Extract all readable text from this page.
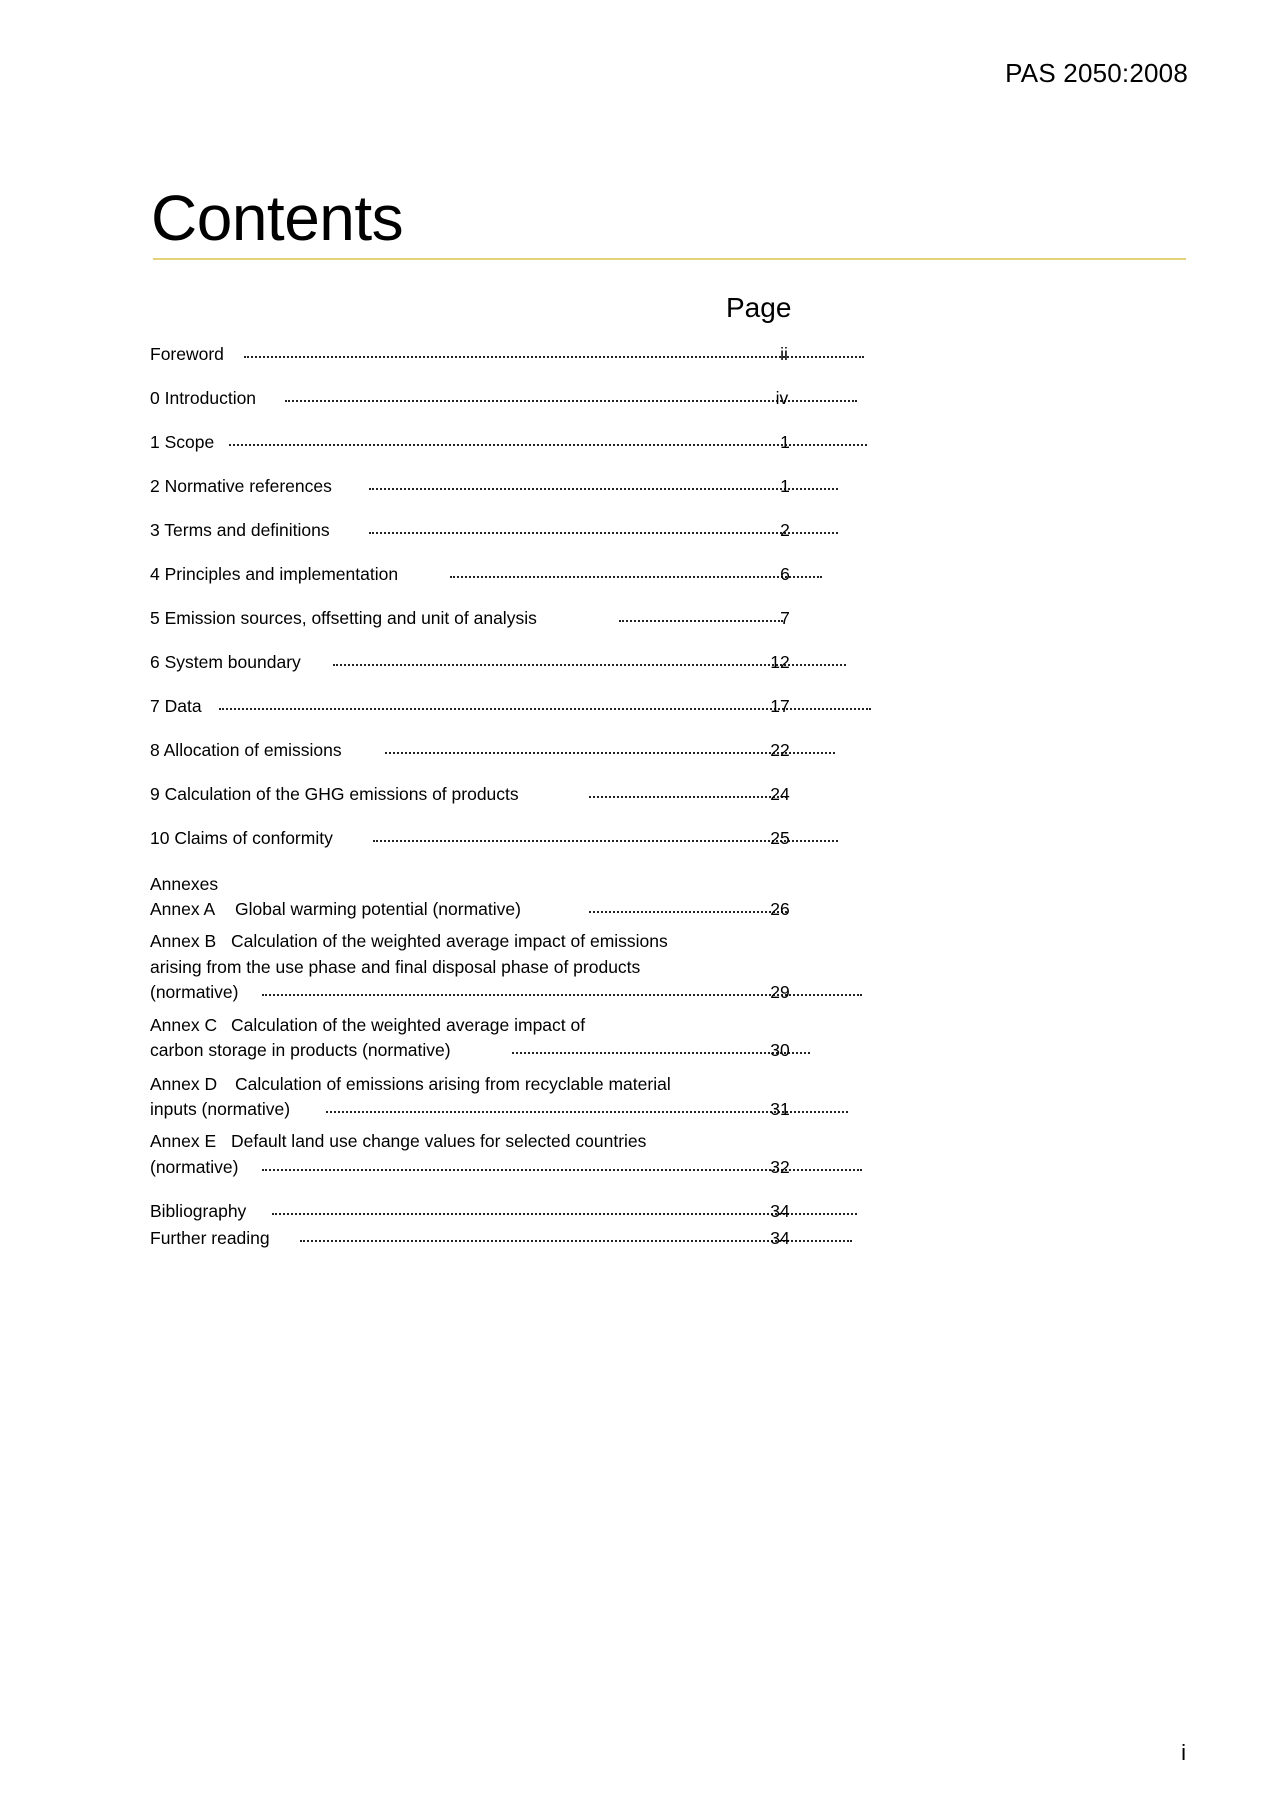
PAS 2050:2008
Contents
Page
Foreword	ii
0 Introduction	iv
1 Scope	1
2 Normative references	1
3 Terms and definitions	2
4 Principles and implementation	6
5 Emission sources, offsetting and unit of analysis	7
6 System boundary	12
7 Data	17
8 Allocation of emissions	22
9 Calculation of the GHG emissions of products	24
10 Claims of conformity	25
Annexes
Annex A Global warming potential (normative)	26
Annex B Calculation of the weighted average impact of emissions
arising from the use phase and final disposal phase of products
(normative)	29
Annex C Calculation of the weighted average impact of
carbon storage in products (normative)	30
Annex D Calculation of emissions arising from recyclable material
inputs (normative)	31
Annex E Default land use change values for selected countries
(normative)	32
Bibliography	34
Further reading	34
i
